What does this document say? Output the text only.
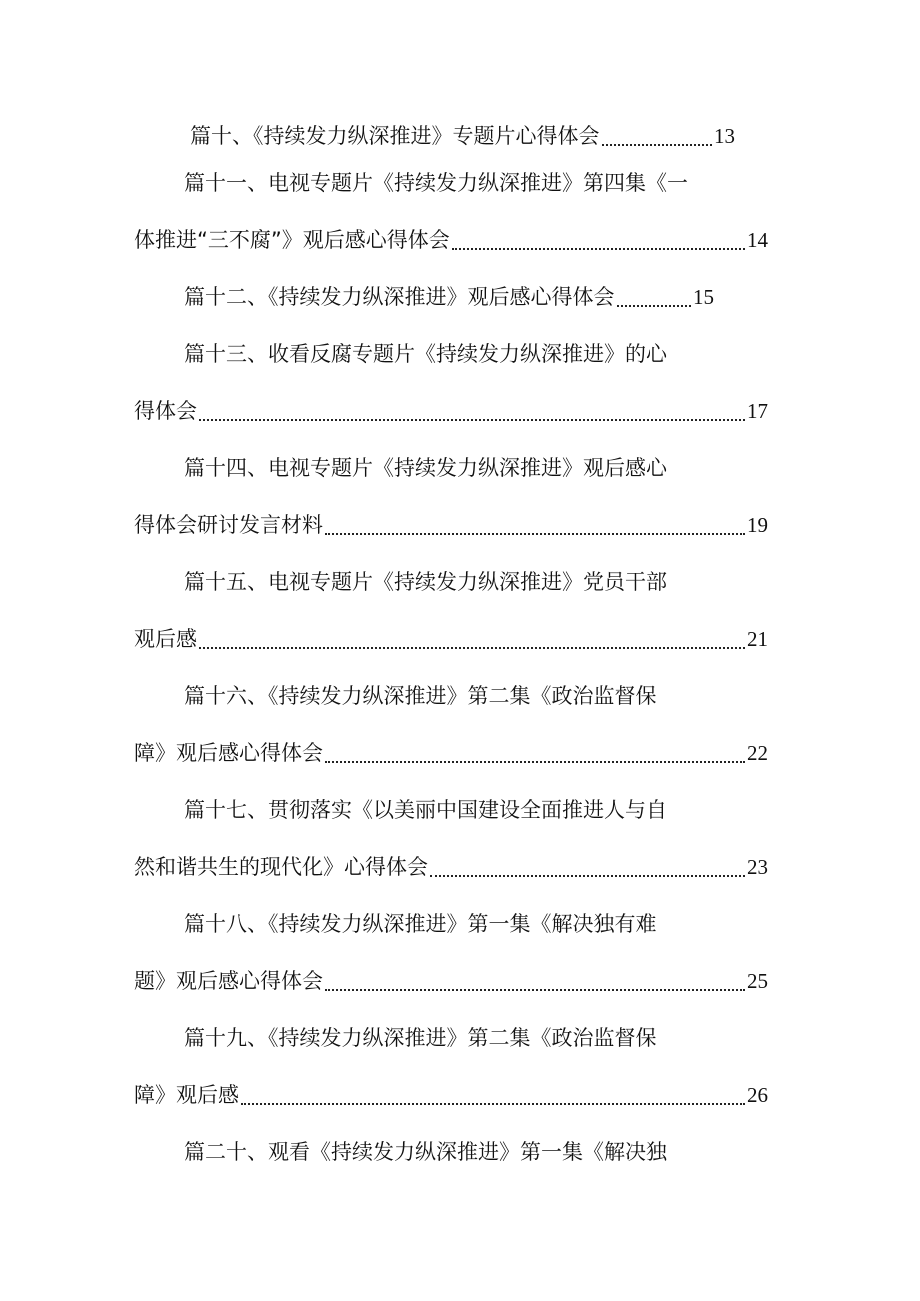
篇十、《持续发力纵深推进》专题片心得体会	13
篇十一、电视专题片《持续发力纵深推进》第四集《一
体推进“三不腐”》观后感心得体会	14
篇十二、《持续发力纵深推进》观后感心得体会	15
篇十三、收看反腐专题片《持续发力纵深推进》的心
得体会	17
篇十四、电视专题片《持续发力纵深推进》观后感心
得体会研讨发言材料	19
篇十五、电视专题片《持续发力纵深推进》党员干部
观后感	21
篇十六、《持续发力纵深推进》第二集《政治监督保
障》观后感心得体会	22
篇十七、贯彻落实《以美丽中国建设全面推进人与自
然和谐共生的现代化》心得体会	23
篇十八、《持续发力纵深推进》第一集《解决独有难
题》观后感心得体会	25
篇十九、《持续发力纵深推进》第二集《政治监督保
障》观后感	26
篇二十、观看《持续发力纵深推进》第一集《解决独
